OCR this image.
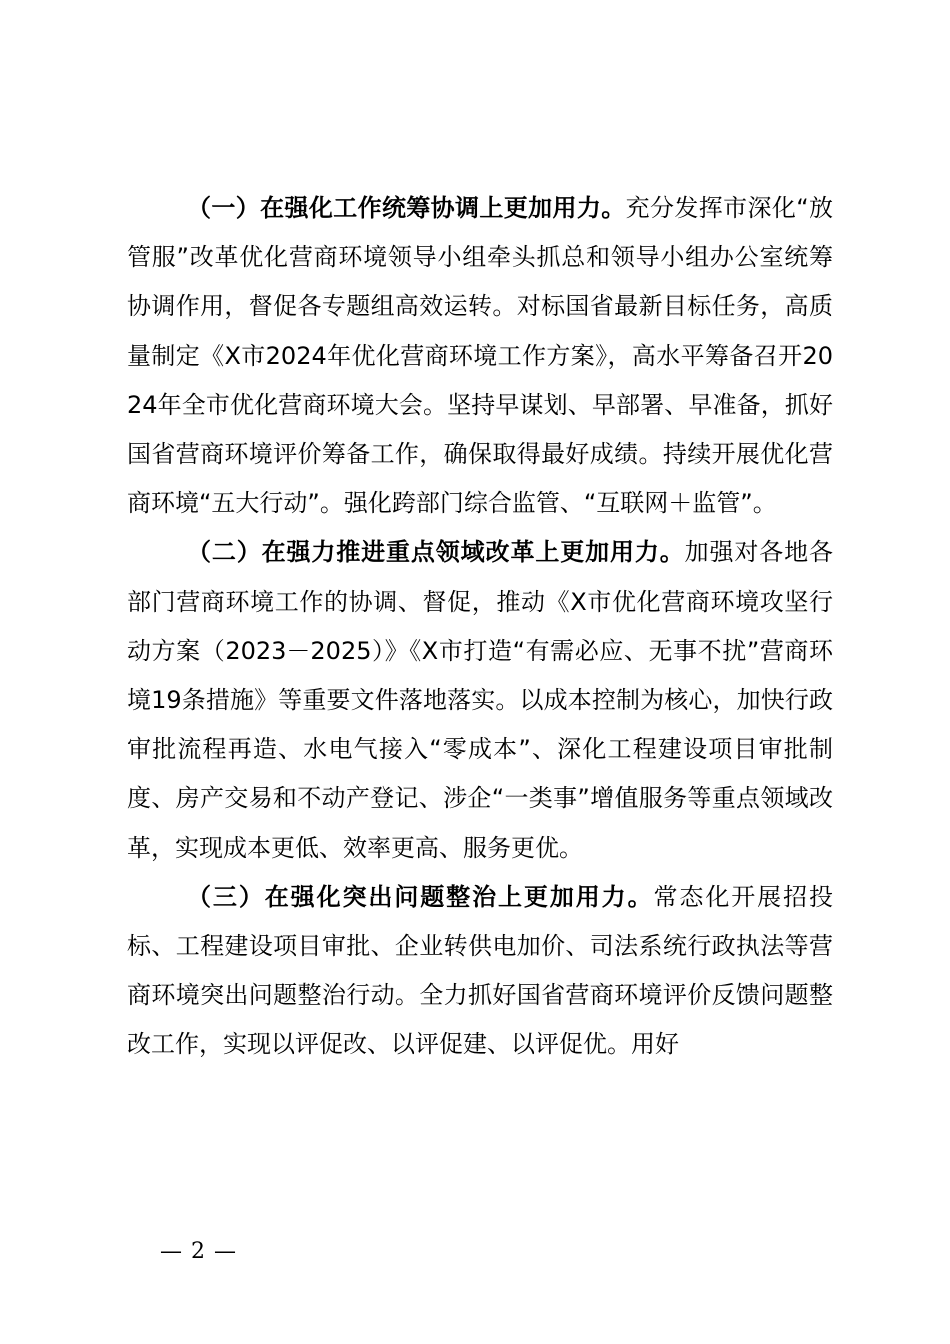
（一）在强化工作统筹协调上更加用力。充分发挥市深化“放管服”改革优化营商环境领导小组牵头抓总和领导小组办公室统筹协调作用，督促各专题组高效运转。对标国省最新目标任务，高质量制定《X市2024年优化营商环境工作方案》，高水平筹备召开2024年全市优化营商环境大会。坚持早谋划、早部署、早准备，抓好国省营商环境评价筹备工作，确保取得最好成绩。持续开展优化营商环境“五大行动”。强化跨部门综合监管、“互联网＋监管”。

（二）在强力推进重点领域改革上更加用力。加强对各地各部门营商环境工作的协调、督促，推动《X市优化营商环境攻坚行动方案（2023－2025）》《X市打造“有需必应、无事不扰”营商环境19条措施》等重要文件落地落实。以成本控制为核心，加快行政审批流程再造、水电气接入“零成本”、深化工程建设项目审批制度、房产交易和不动产登记、涉企“一类事”增值服务等重点领域改革，实现成本更低、效率更高、服务更优。

（三）在强化突出问题整治上更加用力。常态化开展招投标、工程建设项目审批、企业转供电加价、司法系统行政执法等营商环境突出问题整治行动。全力抓好国省营商环境评价反馈问题整改工作，实现以评促改、以评促建、以评促优。用好

— 2 —
